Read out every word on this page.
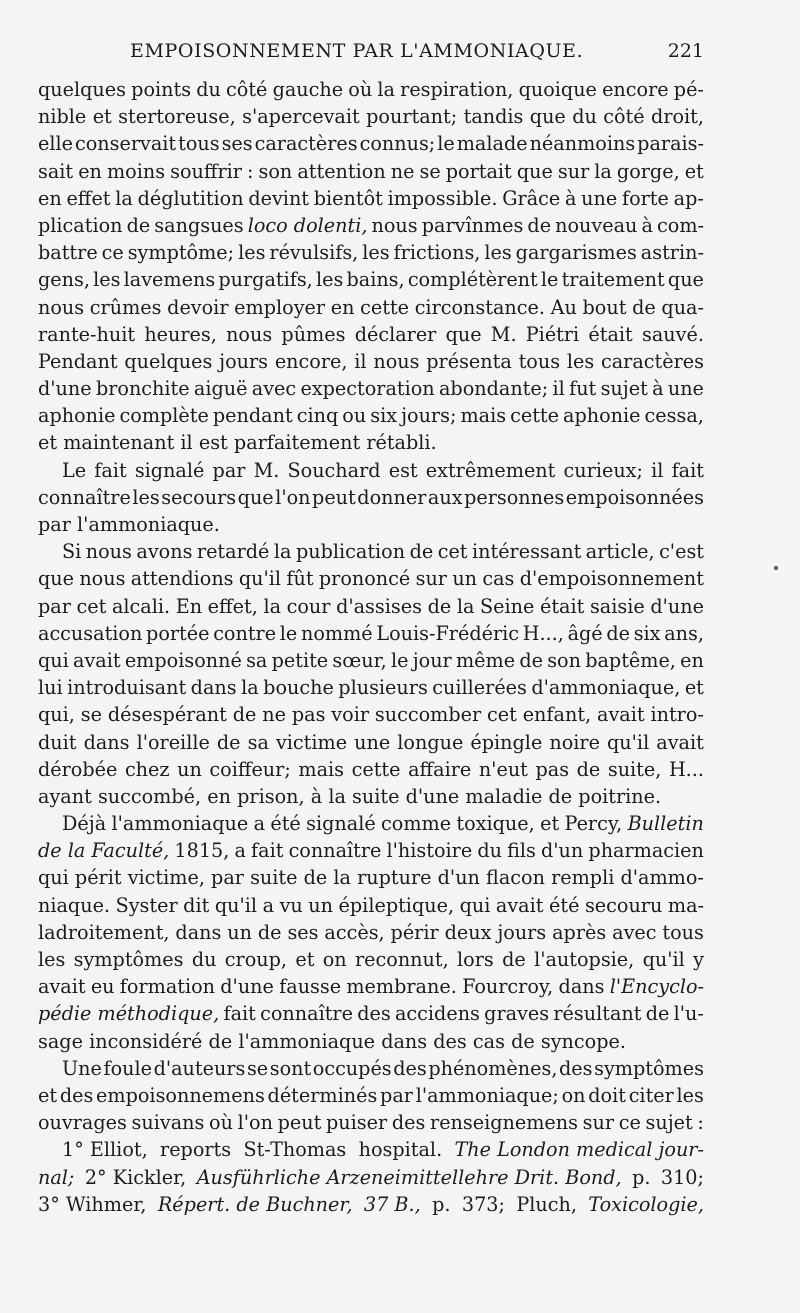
EMPOISONNEMENT PAR L'AMMONIAQUE.	221
quelques points du côté gauche où la respiration, quoique encore pé-
nible et stertoreuse, s'apercevait pourtant; tandis que du côté droit,
elle conservait tous ses caractères connus; le malade néanmoins parais-
sait en moins souffrir : son attention ne se portait que sur la gorge, et
en effet la déglutition devint bientôt impossible. Grâce à une forte ap-
plication de sangsues loco dolenti, nous parvînmes de nouveau à com-
battre ce symptôme; les révulsifs, les frictions, les gargarismes astrin-
gens, les lavemens purgatifs, les bains, complétèrent le traitement que
nous crûmes devoir employer en cette circonstance. Au bout de qua-
rante-huit heures, nous pûmes déclarer que M. Piétri était sauvé.
Pendant quelques jours encore, il nous présenta tous les caractères
d'une bronchite aiguë avec expectoration abondante; il fut sujet à une
aphonie complète pendant cinq ou six jours; mais cette aphonie cessa,
et maintenant il est parfaitement rétabli.
Le fait signalé par M. Souchard est extrêmement curieux; il fait
connaître les secours que l'on peut donner aux personnes empoisonnées
par l'ammoniaque.
Si nous avons retardé la publication de cet intéressant article, c'est
que nous attendions qu'il fût prononcé sur un cas d'empoisonnement
par cet alcali. En effet, la cour d'assises de la Seine était saisie d'une
accusation portée contre le nommé Louis-Frédéric H..., âgé de six ans,
qui avait empoisonné sa petite sœur, le jour même de son baptême, en
lui introduisant dans la bouche plusieurs cuillerées d'ammoniaque, et
qui, se désespérant de ne pas voir succomber cet enfant, avait intro-
duit dans l'oreille de sa victime une longue épingle noire qu'il avait
dérobée chez un coiffeur; mais cette affaire n'eut pas de suite, H...
ayant succombé, en prison, à la suite d'une maladie de poitrine.
Déjà l'ammoniaque a été signalé comme toxique, et Percy, Bulletin
de la Faculté, 1815, a fait connaître l'histoire du fils d'un pharmacien
qui périt victime, par suite de la rupture d'un flacon rempli d'ammo-
niaque. Syster dit qu'il a vu un épileptique, qui avait été secouru ma-
ladroitement, dans un de ses accès, périr deux jours après avec tous
les symptômes du croup, et on reconnut, lors de l'autopsie, qu'il y
avait eu formation d'une fausse membrane. Fourcroy, dans l'Encyclo-
pédie méthodique, fait connaître des accidens graves résultant de l'u-
sage inconsidéré de l'ammoniaque dans des cas de syncope.
Une foule d'auteurs se sont occupés des phénomènes, des symptômes
et des empoisonnemens déterminés par l'ammoniaque; on doit citer les
ouvrages suivans où l'on peut puiser des renseignemens sur ce sujet :
1° Elliot, reports St-Thomas hospital. The London medical jour-
nal; 2° Kickler, Ausführliche Arzeneimittellehre Drit. Bond, p. 310;
3° Wihmer, Répert. de Buchner, 37 B., p. 373; Pluch, Toxicologie,
